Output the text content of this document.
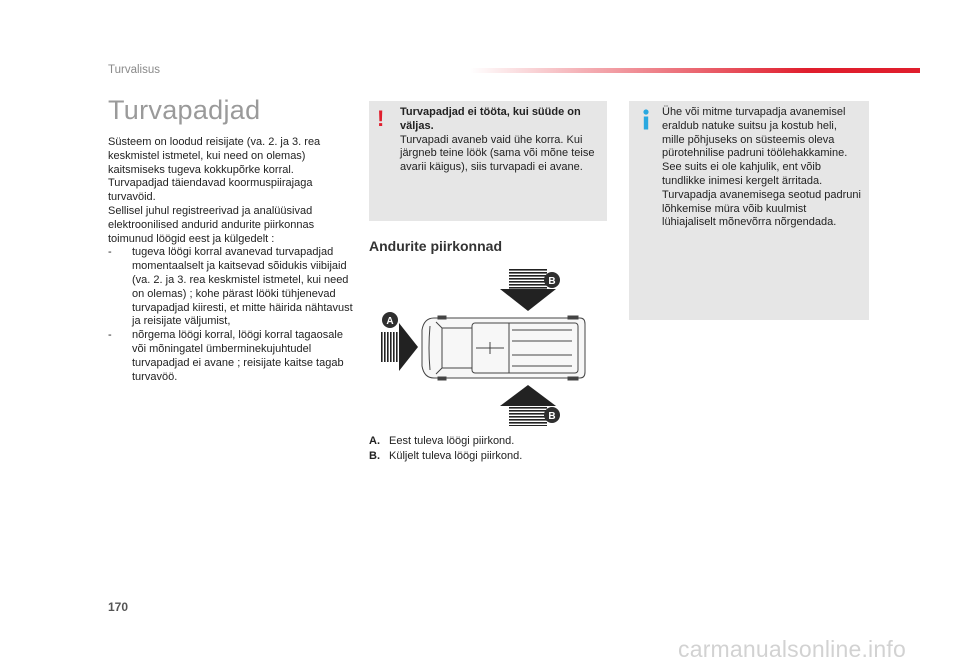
Turvalisus
Turvapadjad

Süsteem on loodud reisijate (va. 2. ja 3. rea keskmistel istmetel, kui need on olemas) kaitsmiseks tugeva kokkupõrke korral.

Turvapadjad täiendavad koormuspiirajaga turvavöid.

Sellisel juhul registreerivad ja analüüsivad elektroonilised andurid andurite piirkonnas toimunud löögid eest ja külgedelt :

-	tugeva löögi korral avanevad turvapadjad momentaalselt ja kaitsevad sõidukis viibijaid (va. 2. ja 3. rea keskmistel istmetel, kui need on olemas) ; kohe pärast lööki tühjenevad turvapadjad kiiresti, et mitte häirida nähtavust ja reisijate väljumist,
-	nõrgema löögi korral, löögi korral tagaosale või mõningatel ümberminekujuhtudel turvapadjad ei avane ; reisijate kaitse tagab turvavöö.
! Turvapadjad ei tööta, kui süüde on väljas.
Turvapadi avaneb vaid ühe korra. Kui järgneb teine löök (sama või mõne teise avarii käigus), siis turvapadi ei avane.
Ühe või mitme turvapadja avanemisel eraldub natuke suitsu ja kostub heli, mille põhjuseks on süsteemis oleva pürotehnilise padruni töölehakkamine. See suits ei ole kahjulik, ent võib tundlikke inimesi kergelt ärritada. Turvapadja avanemisega seotud padruni lõhkemise müra võib kuulmist lühiajaliselt mõnevõrra nõrgendada.
Andurite piirkonnad
A
B
B
A. Eest tuleva löögi piirkond.
B. Küljelt tuleva löögi piirkond.
170
carmanualsonline.info
